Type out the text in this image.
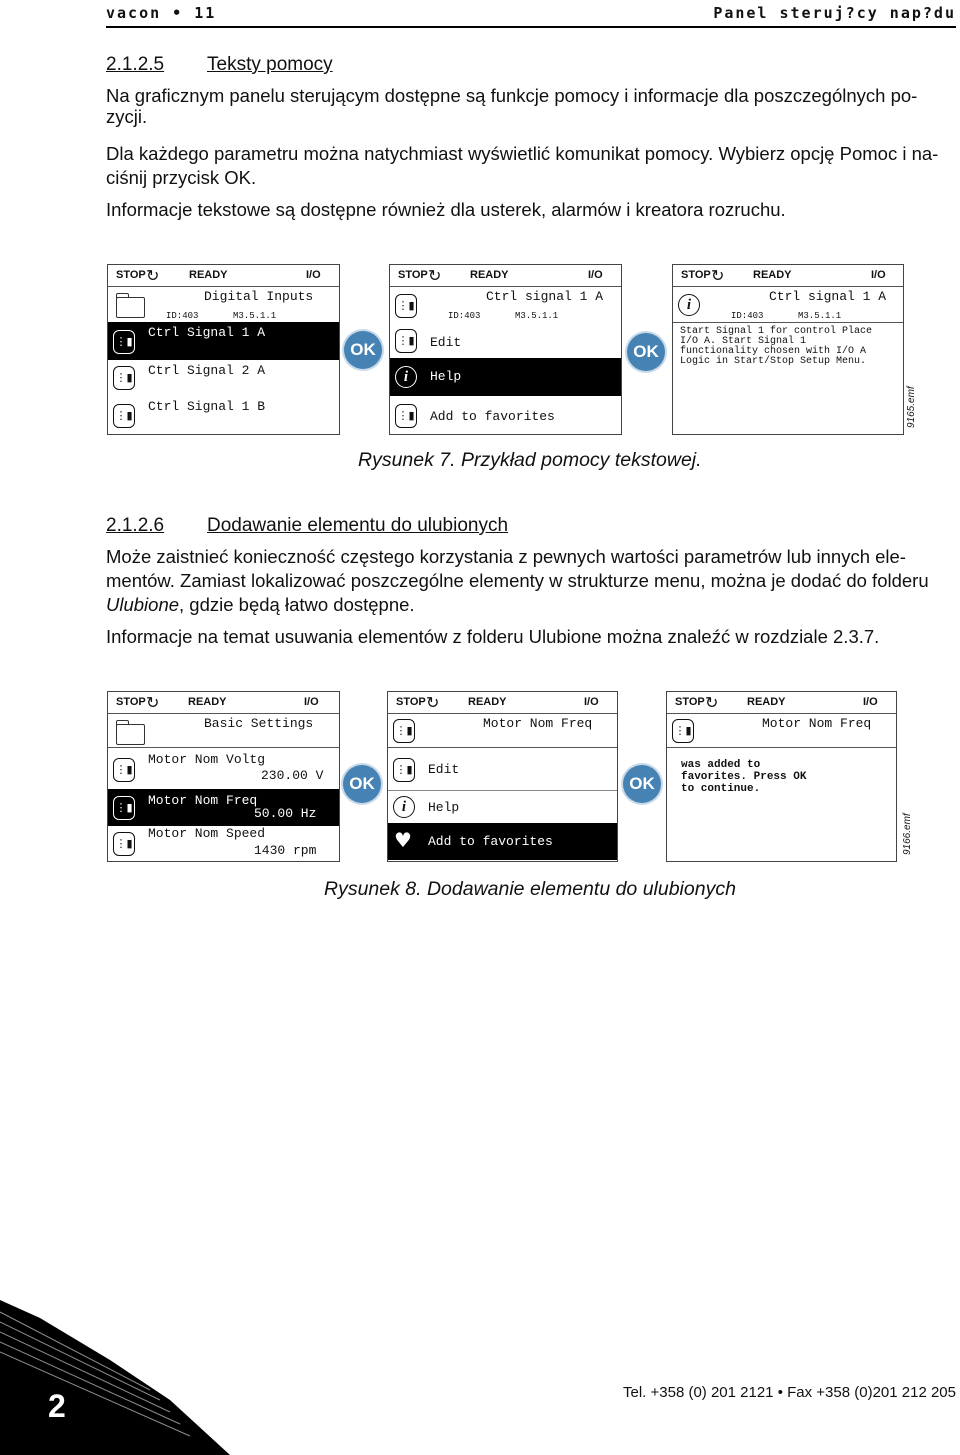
vacon • 11	Panel steruj?cy nap?du
2.1.2.5 Teksty pomocy
Na graficznym panelu sterującym dostępne są funkcje pomocy i informacje dla poszczególnych po-
zycji.
Dla każdego parametru można natychmiast wyświetlić komunikat pomocy. Wybierz opcję Pomoc i na-
ciśnij przycisk OK.
Informacje tekstowe są dostępne również dla usterek, alarmów i kreatora rozruchu.
STOP ↻	READY	I/O
Digital Inputs
ID:403	M3.5.1.1
⋮▮
Ctrl Signal 1 A
⋮▮ Ctrl Signal 2 A
⋮▮
Ctrl Signal 1 B
OK
STOP ↻	READY	I/O
⋮▮
Ctrl signal 1 A
ID:403	M3.5.1.1
⋮▮ Edit
i	Help
⋮▮ Add to favorites
OK
STOP ↻	READY	I/O
i
Ctrl signal 1 A
ID:403	M3.5.1.1
Start Signal 1 for control Place
I/O A. Start Signal 1
functionality chosen with I/O A
Logic in Start/Stop Setup Menu.
9165.emf
Rysunek 7. Przykład pomocy tekstowej.
2.1.2.6 Dodawanie elementu do ulubionych
Może zaistnieć konieczność częstego korzystania z pewnych wartości parametrów lub innych ele-
mentów. Zamiast lokalizować poszczególne elementy w strukturze menu, można je dodać do folderu
Ulubione, gdzie będą łatwo dostępne.
Informacje na temat usuwania elementów z folderu Ulubione można znaleźć w rozdziale 2.3.7.
STOP ↻	READY	I/O
Basic Settings
⋮▮
Motor Nom Voltg
230.00 V
⋮▮ Motor Nom Freq
50.00 Hz
⋮▮
Motor Nom Speed
1430 rpm
OK
STOP ↻	READY	I/O
⋮▮	Motor Nom Freq
⋮▮ Edit
i	Help
♥ Add to favorites
OK
STOP ↻	READY	I/O
⋮▮	Motor Nom Freq
was added to
favorites. Press OK
to continue.
9166.emf
Rysunek 8. Dodawanie elementu do ulubionych
2	Tel. +358 (0) 201 2121 • Fax +358 (0)201 212 205
